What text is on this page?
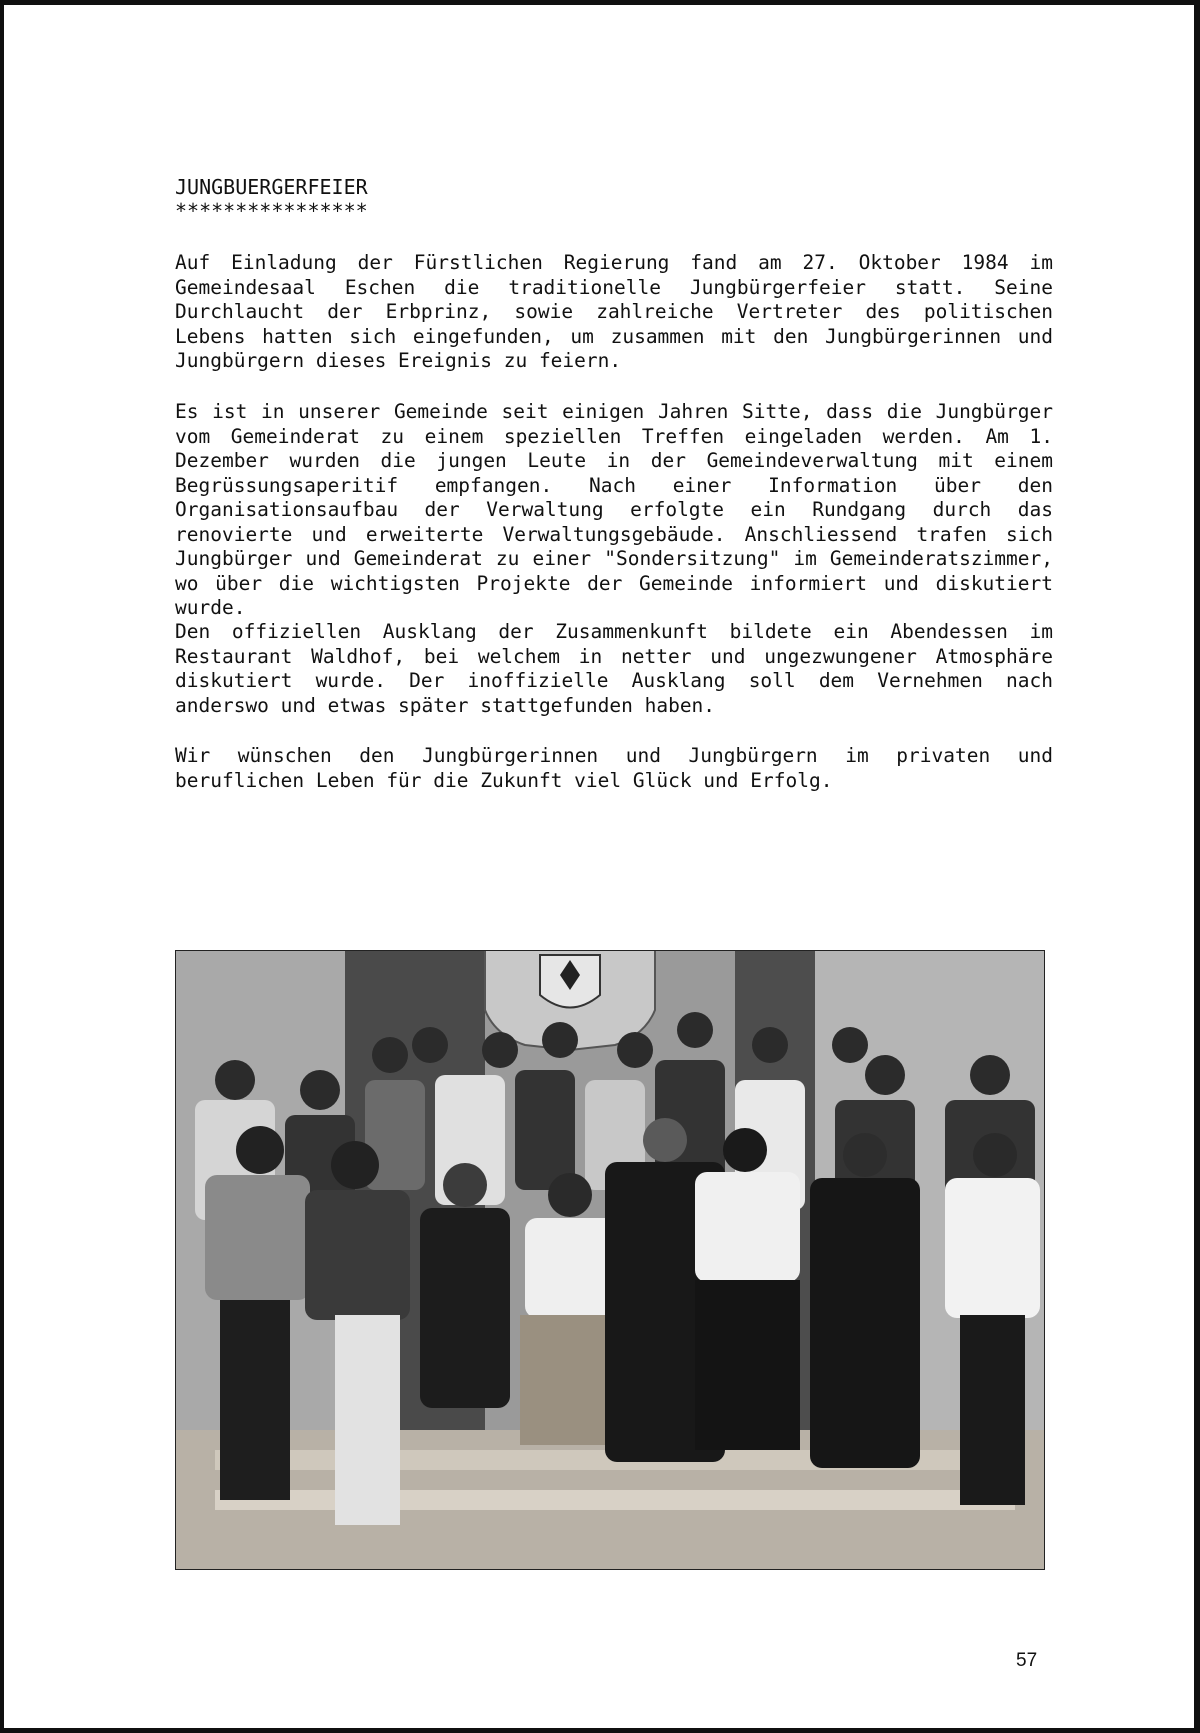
JUNGBUERGERFEIER
****************

Auf Einladung der Fürstlichen Regierung fand am 27. Oktober 1984 im Gemeindesaal Eschen die traditionelle Jungbürgerfeier statt. Seine Durchlaucht der Erbprinz, sowie zahlreiche Vertreter des politischen Lebens hatten sich eingefunden, um zusammen mit den Jungbürgerinnen und Jungbürgern dieses Ereignis zu feiern.

Es ist in unserer Gemeinde seit einigen Jahren Sitte, dass die Jungbürger vom Gemeinderat zu einem speziellen Treffen eingeladen werden. Am 1. Dezember wurden die jungen Leute in der Gemeindeverwaltung mit einem Begrüssungsaperitif empfangen. Nach einer Information über den Organisationsaufbau der Verwaltung erfolgte ein Rundgang durch das renovierte und erweiterte Verwaltungsgebäude. Anschliessend trafen sich Jungbürger und Gemeinderat zu einer "Sondersitzung" im Gemeinderatszimmer, wo über die wichtigsten Projekte der Gemeinde informiert und diskutiert wurde.

Den offiziellen Ausklang der Zusammenkunft bildete ein Abendessen im Restaurant Waldhof, bei welchem in netter und ungezwungener Atmosphäre diskutiert wurde. Der inoffizielle Ausklang soll dem Vernehmen nach anderswo und etwas später stattgefunden haben.

Wir wünschen den Jungbürgerinnen und Jungbürgern im privaten und beruflichen Leben für die Zukunft viel Glück und Erfolg.

57
